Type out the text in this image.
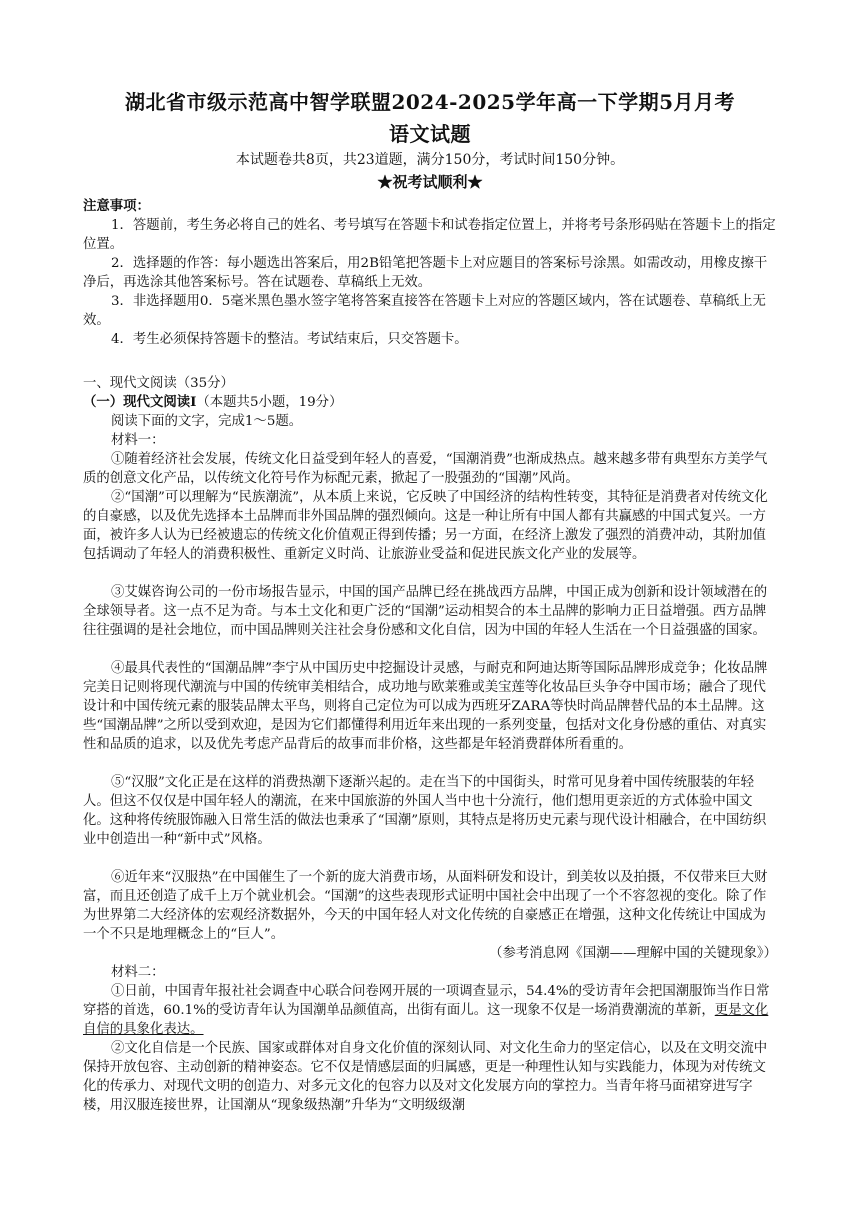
湖北省市级示范高中智学联盟2024-2025学年高一下学期5月月考
语文试题
本试题卷共8页，共23道题，满分150分，考试时间150分钟。
★祝考试顺利★
注意事项：
1．答题前，考生务必将自己的姓名、考号填写在答题卡和试卷指定位置上，并将考号条形码贴在答题卡上的指定位置。
2．选择题的作答：每小题选出答案后，用2B铅笔把答题卡上对应题目的答案标号涂黑。如需改动，用橡皮擦干净后，再选涂其他答案标号。答在试题卷、草稿纸上无效。
3．非选择题用0．5毫米黑色墨水签字笔将答案直接答在答题卡上对应的答题区域内，答在试题卷、草稿纸上无效。
4．考生必须保持答题卡的整洁。考试结束后，只交答题卡。
一、现代文阅读（35分）
（一）现代文阅读Ⅰ（本题共5小题，19分）
阅读下面的文字，完成1～5题。
材料一：
①随着经济社会发展，传统文化日益受到年轻人的喜爱，“国潮消费”也渐成热点。越来越多带有典型东方美学气质的创意文化产品，以传统文化符号作为标配元素，掀起了一股强劲的“国潮”风尚。
②“国潮”可以理解为“民族潮流”，从本质上来说，它反映了中国经济的结构性转变，其特征是消费者对传统文化的自豪感，以及优先选择本土品牌而非外国品牌的强烈倾向。这是一种让所有中国人都有共赢感的中国式复兴。一方面，被许多人认为已经被遗忘的传统文化价值观正得到传播；另一方面，在经济上激发了强烈的消费冲动，其附加值包括调动了年轻人的消费积极性、重新定义时尚、让旅游业受益和促进民族文化产业的发展等。
③艾媒咨询公司的一份市场报告显示，中国的国产品牌已经在挑战西方品牌，中国正成为创新和设计领域潜在的全球领导者。这一点不足为奇。与本土文化和更广泛的“国潮”运动相契合的本土品牌的影响力正日益增强。西方品牌往往强调的是社会地位，而中国品牌则关注社会身份感和文化自信，因为中国的年轻人生活在一个日益强盛的国家。
④最具代表性的“国潮品牌”李宁从中国历史中挖掘设计灵感，与耐克和阿迪达斯等国际品牌形成竞争；化妆品牌完美日记则将现代潮流与中国的传统审美相结合，成功地与欧莱雅或美宝莲等化妆品巨头争夺中国市场；融合了现代设计和中国传统元素的服装品牌太平鸟，则将自己定位为可以成为西班牙ZARA等快时尚品牌替代品的本土品牌。这些“国潮品牌”之所以受到欢迎，是因为它们都懂得利用近年来出现的一系列变量，包括对文化身份感的重估、对真实性和品质的追求，以及优先考虑产品背后的故事而非价格，这些都是年轻消费群体所看重的。
⑤“汉服”文化正是在这样的消费热潮下逐渐兴起的。走在当下的中国街头，时常可见身着中国传统服装的年轻人。但这不仅仅是中国年轻人的潮流，在来中国旅游的外国人当中也十分流行，他们想用更亲近的方式体验中国文化。这种将传统服饰融入日常生活的做法也秉承了“国潮”原则，其特点是将历史元素与现代设计相融合，在中国纺织业中创造出一种“新中式”风格。
⑥近年来“汉服热”在中国催生了一个新的庞大消费市场，从面料研发和设计，到美妆以及拍摄，不仅带来巨大财富，而且还创造了成千上万个就业机会。“国潮”的这些表现形式证明中国社会中出现了一个不容忽视的变化。除了作为世界第二大经济体的宏观经济数据外，今天的中国年轻人对文化传统的自豪感正在增强，这种文化传统让中国成为一个不只是地理概念上的“巨人”。
（参考消息网《国潮——理解中国的关键现象》）
材料二：
①日前，中国青年报社社会调查中心联合问卷网开展的一项调查显示，54.4%的受访青年会把国潮服饰当作日常穿搭的首选，60.1%的受访青年认为国潮单品颜值高，出街有面儿。这一现象不仅是一场消费潮流的革新，更是文化自信的具象化表达。
②文化自信是一个民族、国家或群体对自身文化价值的深刻认同、对文化生命力的坚定信心，以及在文明交流中保持开放包容、主动创新的精神姿态。它不仅是情感层面的归属感，更是一种理性认知与实践能力，体现为对传统文化的传承力、对现代文明的创造力、对多元文化的包容力以及对文化发展方向的掌控力。当青年将马面裙穿进写字楼，用汉服连接世界，让国潮从“现象级热潮”升华为“文明级级潮
